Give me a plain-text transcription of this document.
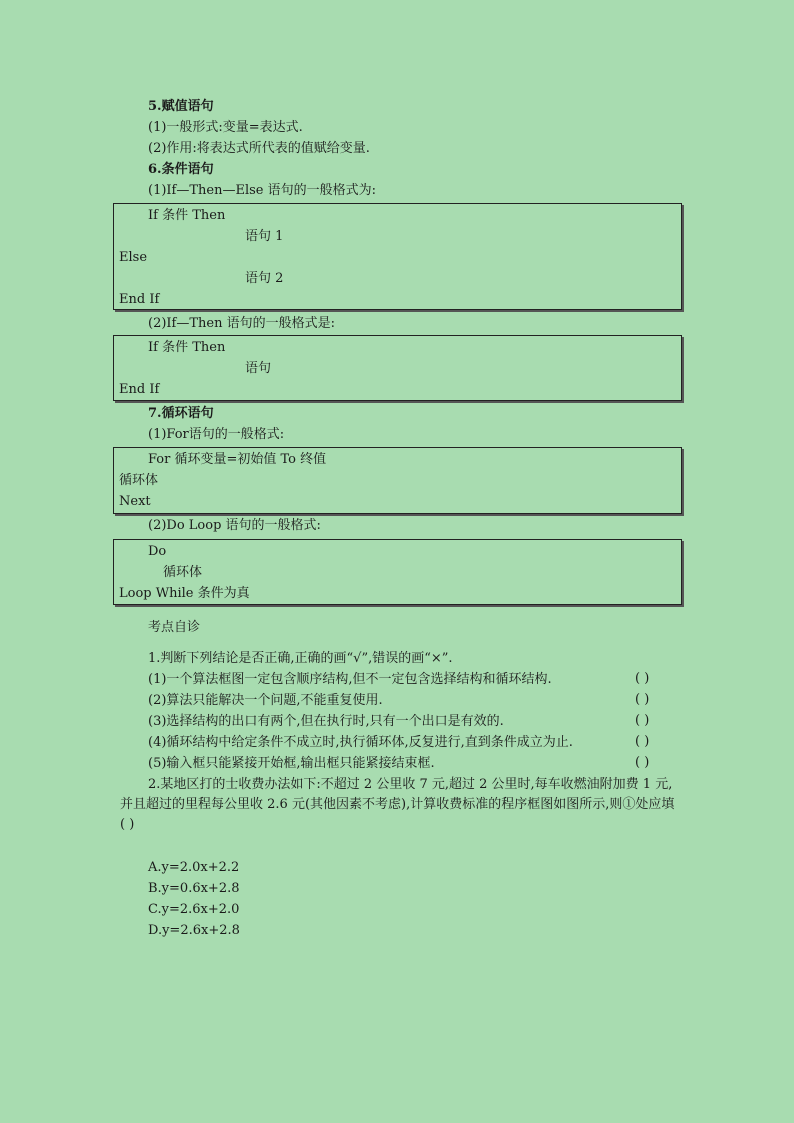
5.赋值语句
(1)一般形式:变量=表达式.
(2)作用:将表达式所代表的值赋给变量.
6.条件语句
(1)If—Then—Else 语句的一般格式为:
If 条件 Then
语句 1
Else
语句 2
End If
(2)If—Then 语句的一般格式是:
If 条件 Then
语句
End If
7.循环语句
(1)For语句的一般格式:
For 循环变量=初始值 To 终值
循环体
Next
(2)Do Loop 语句的一般格式:
Do
循环体
Loop While 条件为真
考点自诊
1.判断下列结论是否正确,正确的画“√”,错误的画“×”.
(1)一个算法框图一定包含顺序结构,但不一定包含选择结构和循环结构.	( )
(2)算法只能解决一个问题,不能重复使用.	( )
(3)选择结构的出口有两个,但在执行时,只有一个出口是有效的.	( )
(4)循环结构中给定条件不成立时,执行循环体,反复进行,直到条件成立为止.	( )
(5)输入框只能紧接开始框,输出框只能紧接结束框.	( )
2.某地区打的士收费办法如下:不超过 2 公里收 7 元,超过 2 公里时,每车收燃油附加费 1 元,并且超过的里程每公里收 2.6 元(其他因素不考虑),计算收费标准的程序框图如图所示,则①处应填( )
A.y=2.0x+2.2
B.y=0.6x+2.8
C.y=2.6x+2.0
D.y=2.6x+2.8
